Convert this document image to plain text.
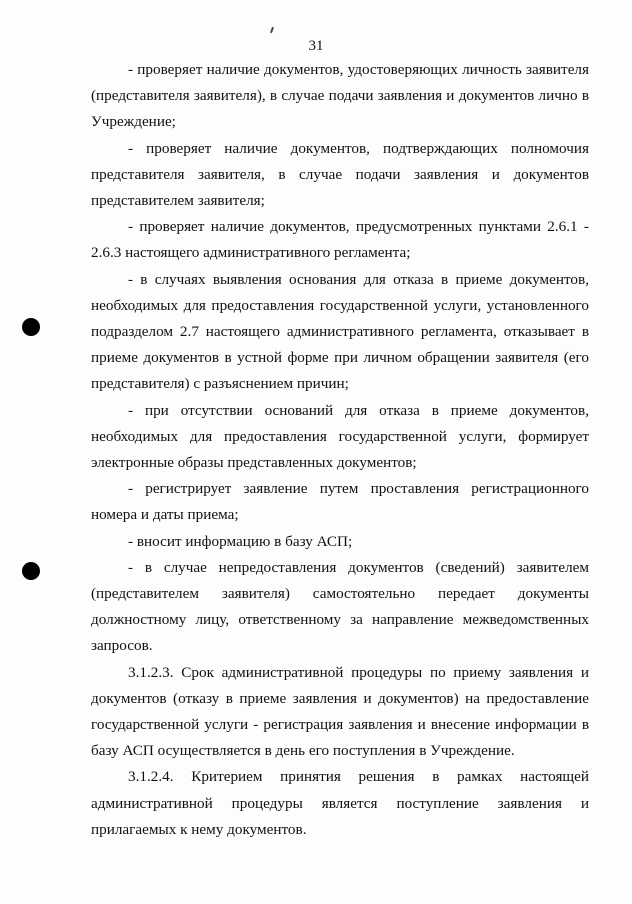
31

- проверяет наличие документов, удостоверяющих личность заявителя (представителя заявителя), в случае подачи заявления и документов лично в Учреждение;

- проверяет наличие документов, подтверждающих полномочия представителя заявителя, в случае подачи заявления и документов представителем заявителя;

- проверяет наличие документов, предусмотренных пунктами 2.6.1 - 2.6.3 настоящего административного регламента;

- в случаях выявления основания для отказа в приеме документов, необходимых для предоставления государственной услуги, установленного подразделом 2.7 настоящего административного регламента, отказывает в приеме документов в устной форме при личном обращении заявителя (его представителя) с разъяснением причин;

- при отсутствии оснований для отказа в приеме документов, необходимых для предоставления государственной услуги, формирует электронные образы представленных документов;

- регистрирует заявление путем проставления регистрационного номера и даты приема;

- вносит информацию в базу АСП;

- в случае непредоставления документов (сведений) заявителем (представителем заявителя) самостоятельно передает документы должностному лицу, ответственному за направление межведомственных запросов.

3.1.2.3. Срок административной процедуры по приему заявления и документов (отказу в приеме заявления и документов) на предоставление государственной услуги - регистрация заявления и внесение информации в базу АСП осуществляется в день его поступления в Учреждение.

3.1.2.4. Критерием принятия решения в рамках настоящей административной процедуры является поступление заявления и прилагаемых к нему документов.
